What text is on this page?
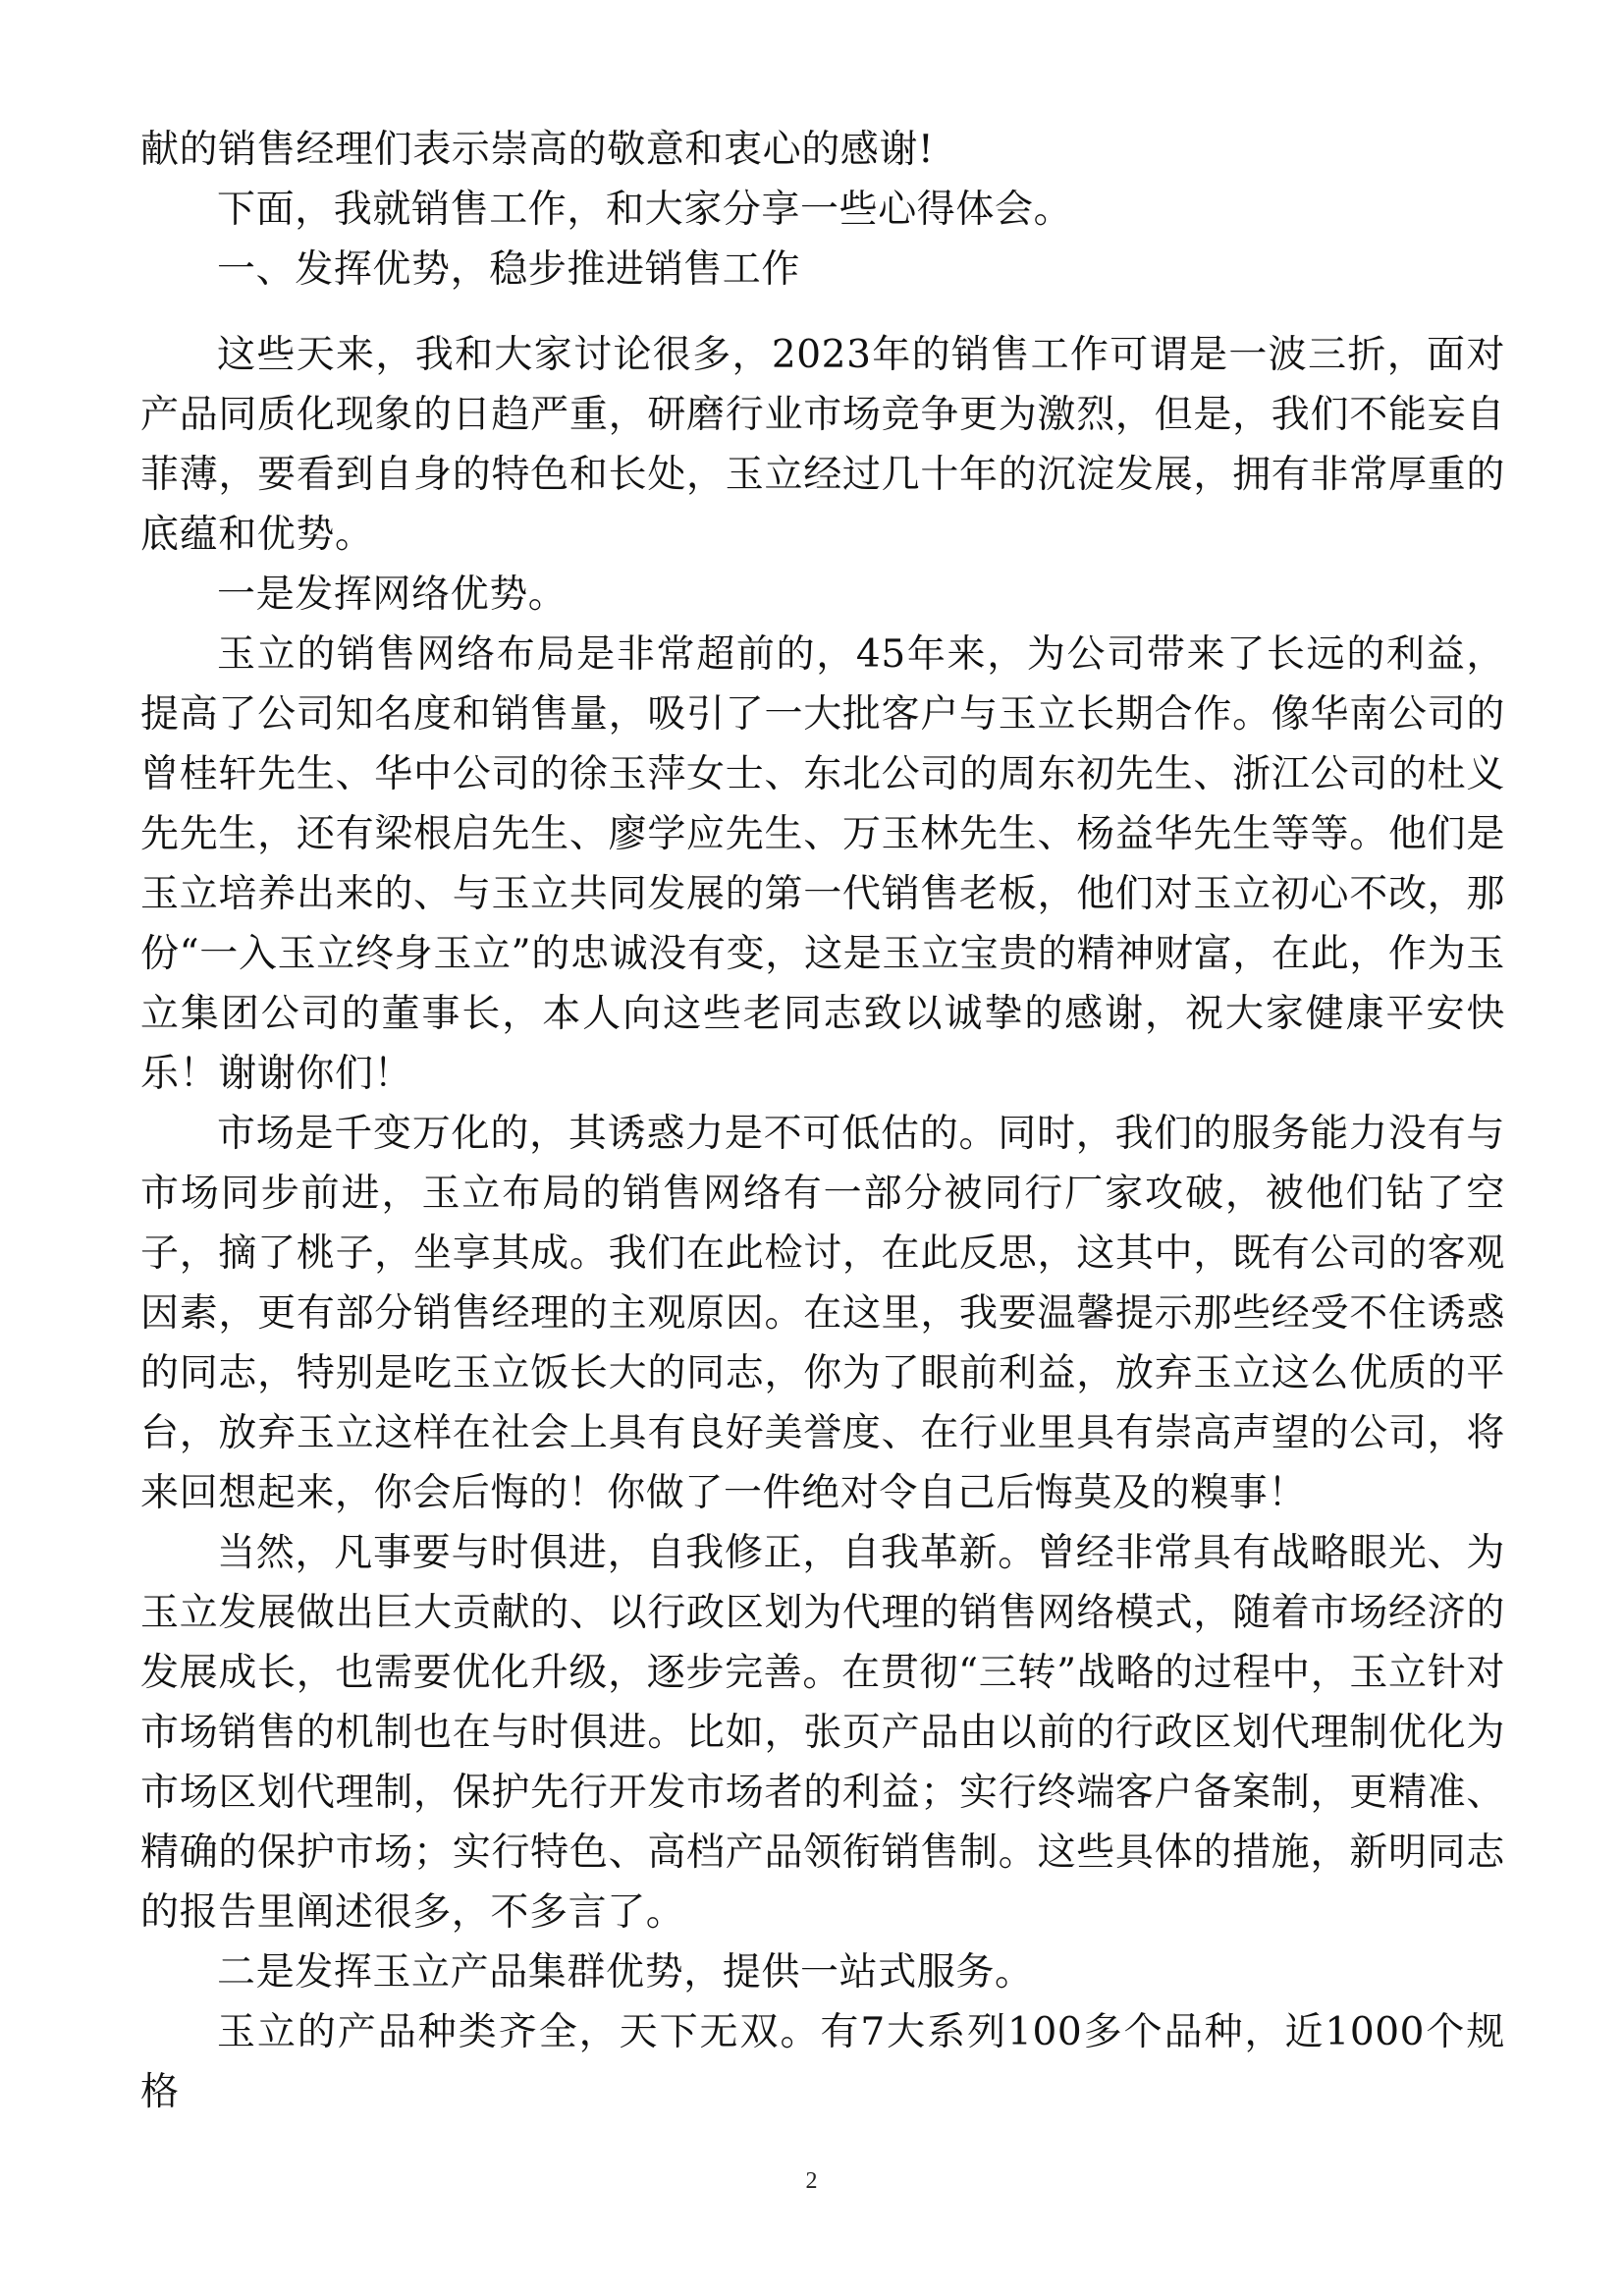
献的销售经理们表示崇高的敬意和衷心的感谢!

下面，我就销售工作，和大家分享一些心得体会。

一、发挥优势，稳步推进销售工作

这些天来，我和大家讨论很多，2023年的销售工作可谓是一波三折，面对产品同质化现象的日趋严重，研磨行业市场竞争更为激烈，但是，我们不能妄自菲薄，要看到自身的特色和长处，玉立经过几十年的沉淀发展，拥有非常厚重的底蕴和优势。

一是发挥网络优势。

玉立的销售网络布局是非常超前的，45年来，为公司带来了长远的利益，提高了公司知名度和销售量，吸引了一大批客户与玉立长期合作。像华南公司的曾桂轩先生、华中公司的徐玉萍女士、东北公司的周东初先生、浙江公司的杜义先先生，还有梁根启先生、廖学应先生、万玉林先生、杨益华先生等等。他们是玉立培养出来的、与玉立共同发展的第一代销售老板，他们对玉立初心不改，那份“一入玉立终身玉立”的忠诚没有变，这是玉立宝贵的精神财富，在此，作为玉立集团公司的董事长，本人向这些老同志致以诚挚的感谢，祝大家健康平安快乐！谢谢你们！

市场是千变万化的，其诱惑力是不可低估的。同时，我们的服务能力没有与市场同步前进，玉立布局的销售网络有一部分被同行厂家攻破，被他们钻了空子，摘了桃子，坐享其成。我们在此检讨，在此反思，这其中，既有公司的客观因素，更有部分销售经理的主观原因。在这里，我要温馨提示那些经受不住诱惑的同志，特别是吃玉立饭长大的同志，你为了眼前利益，放弃玉立这么优质的平台，放弃玉立这样在社会上具有良好美誉度、在行业里具有崇高声望的公司，将来回想起来，你会后悔的！你做了一件绝对令自己后悔莫及的糗事！

当然，凡事要与时俱进，自我修正，自我革新。曾经非常具有战略眼光、为玉立发展做出巨大贡献的、以行政区划为代理的销售网络模式，随着市场经济的发展成长，也需要优化升级，逐步完善。在贯彻“三转”战略的过程中，玉立针对市场销售的机制也在与时俱进。比如，张页产品由以前的行政区划代理制优化为市场区划代理制，保护先行开发市场者的利益；实行终端客户备案制，更精准、精确的保护市场；实行特色、高档产品领衔销售制。这些具体的措施，新明同志的报告里阐述很多，不多言了。

二是发挥玉立产品集群优势，提供一站式服务。

玉立的产品种类齐全，天下无双。有7大系列100多个品种，近1000个规格

2
